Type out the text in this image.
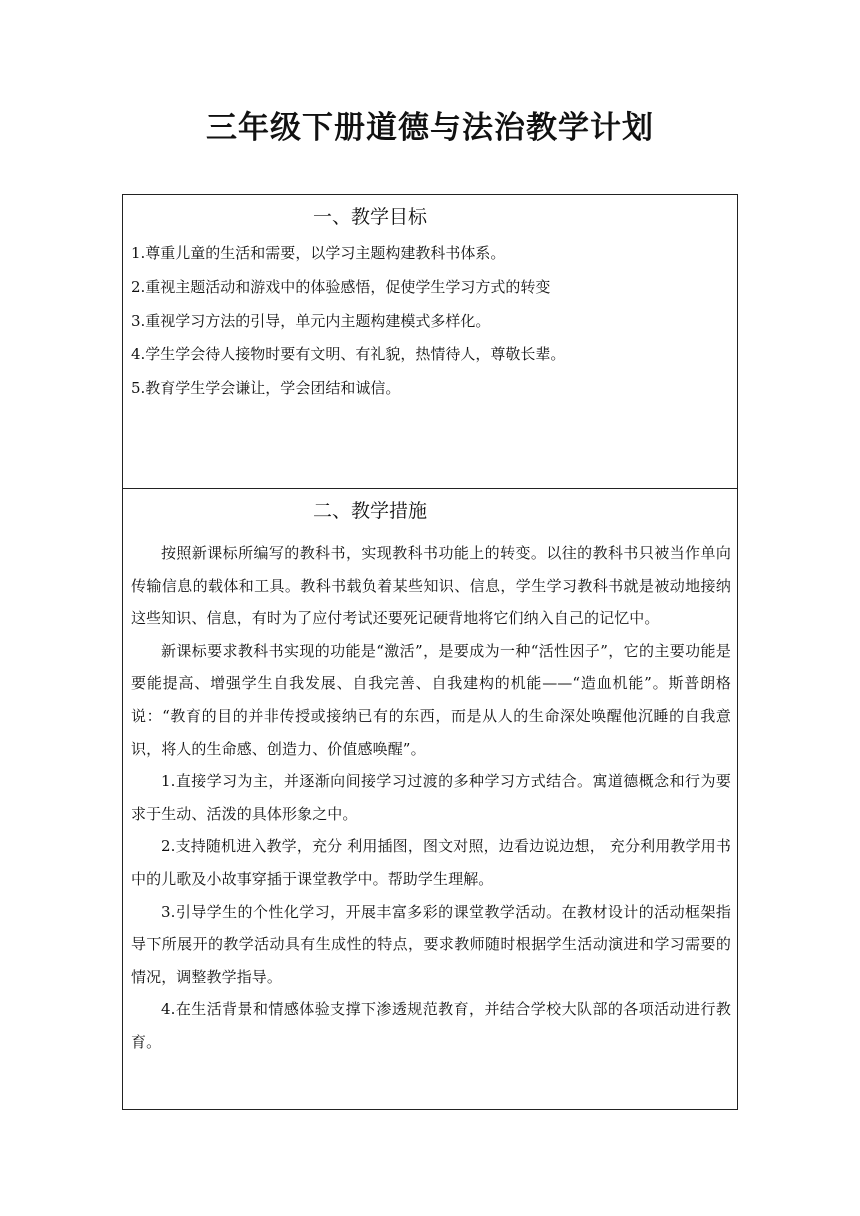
三年级下册道德与法治教学计划
一、教学目标
1.尊重儿童的生活和需要，以学习主题构建教科书体系。
2.重视主题活动和游戏中的体验感悟，促使学生学习方式的转变
3.重视学习方法的引导，单元内主题构建模式多样化。
4.学生学会待人接物时要有文明、有礼貌，热情待人，尊敬长辈。
5.教育学生学会谦让，学会团结和诚信。
二、教学措施

按照新课标所编写的教科书，实现教科书功能上的转变。以往的教科书只被当作单向传输信息的载体和工具。教科书载负着某些知识、信息，学生学习教科书就是被动地接纳这些知识、信息，有时为了应付考试还要死记硬背地将它们纳入自己的记忆中。

新课标要求教科书实现的功能是“激活”，是要成为一种“活性因子”，它的主要功能是要能提高、增强学生自我发展、自我完善、自我建构的机能——“造血机能”。斯普朗格说：“教育的目的并非传授或接纳已有的东西，而是从人的生命深处唤醒他沉睡的自我意识，将人的生命感、创造力、价值感唤醒”。

1.直接学习为主，并逐渐向间接学习过渡的多种学习方式结合。寓道德概念和行为要求于生动、活泼的具体形象之中。

2.支持随机进入教学，充分 利用插图，图文对照，边看边说边想， 充分利用教学用书中的儿歌及小故事穿插于课堂教学中。帮助学生理解。

3.引导学生的个性化学习，开展丰富多彩的课堂教学活动。在教材设计的活动框架指导下所展开的教学活动具有生成性的特点，要求教师随时根据学生活动演进和学习需要的情况，调整教学指导。

4.在生活背景和情感体验支撑下渗透规范教育，并结合学校大队部的各项活动进行教育。
